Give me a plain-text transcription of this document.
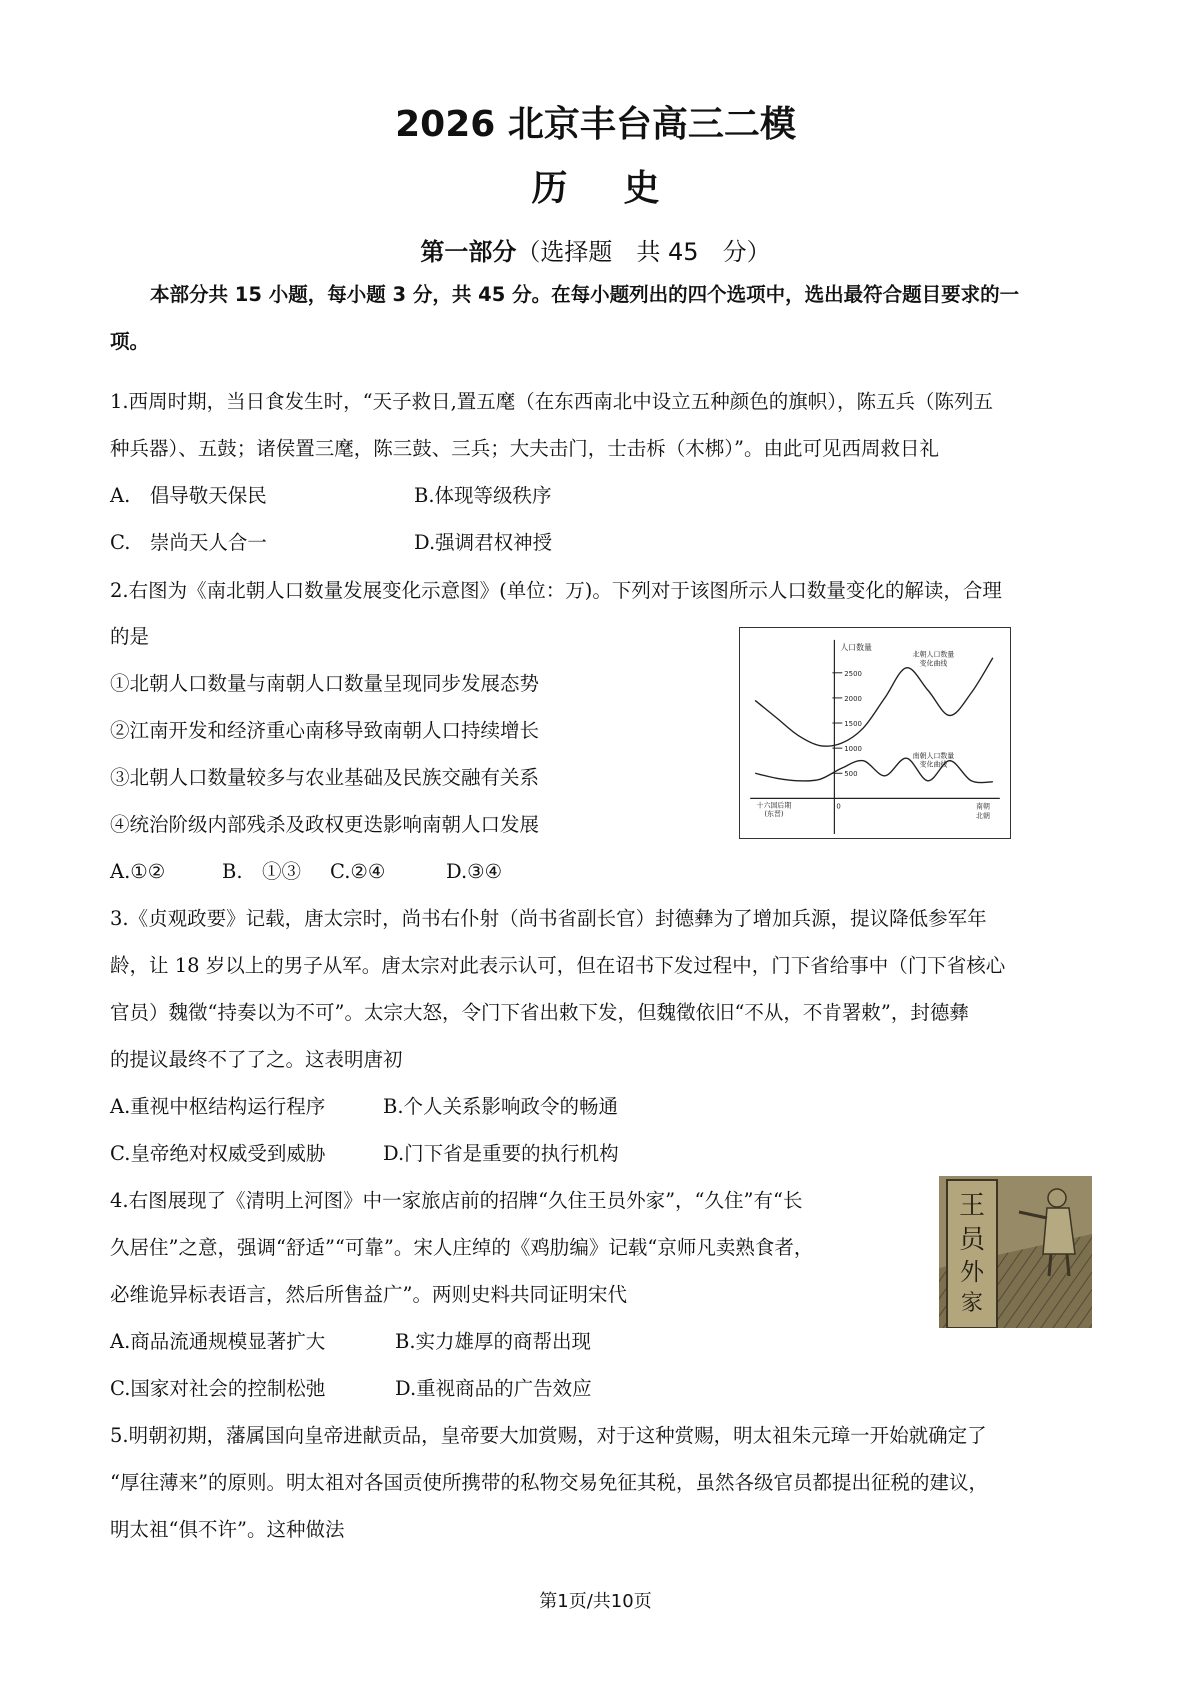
2026 北京丰台高三二模
历史
第一部分（选择题　共 45　分）
本部分共 15 小题，每小题 3 分，共 45 分。在每小题列出的四个选项中，选出最符合题目要求的一
项。
1.西周时期，当日食发生时，“天子救日,置五麾（在东西南北中设立五种颜色的旗帜），陈五兵（陈列五
种兵器）、五鼓；诸侯置三麾，陈三鼓、三兵；大夫击门，士击柝（木梆）”。由此可见西周救日礼
A.　倡导敬天保民	B.体现等级秩序
C.　崇尚天人合一	D.强调君权神授
2.右图为《南北朝人口数量发展变化示意图》(单位：万)。下列对于该图所示人口数量变化的解读，合理
的是
①北朝人口数量与南朝人口数量呈现同步发展态势
②江南开发和经济重心南移导致南朝人口持续增长
③北朝人口数量较多与农业基础及民族交融有关系
④统治阶级内部残杀及政权更迭影响南朝人口发展
A.①②	B.　①③ C.②④	D.③④
人口数量
500
1000
1500
2000
2500
0
十六国后期
(东晋)
南朝
北朝
北朝人口数量
变化曲线
南朝人口数量
变化曲线
3.《贞观政要》记载，唐太宗时，尚书右仆射（尚书省副长官）封德彝为了增加兵源，提议降低参军年
龄，让 18 岁以上的男子从军。唐太宗对此表示认可，但在诏书下发过程中，门下省给事中（门下省核心
官员）魏徵“持奏以为不可”。太宗大怒，令门下省出敕下发，但魏徵依旧“不从，不肯署敕”，封德彝
的提议最终不了了之。这表明唐初
A.重视中枢结构运行程序	B.个人关系影响政令的畅通
C.皇帝绝对权威受到威胁	D.门下省是重要的执行机构
4.右图展现了《清明上河图》中一家旅店前的招牌“久住王员外家”，“久住”有“长
久居住”之意，强调“舒适”“可靠”。宋人庄绰的《鸡肋编》记载“京师凡卖熟食者，
必维诡异标表语言，然后所售益广”。两则史料共同证明宋代
A.商品流通规模显著扩大	B.实力雄厚的商帮出现
C.国家对社会的控制松弛	D.重视商品的广告效应
王
员
外
家
5.明朝初期，藩属国向皇帝进献贡品，皇帝要大加赏赐，对于这种赏赐，明太祖朱元璋一开始就确定了
“厚往薄来”的原则。明太祖对各国贡使所携带的私物交易免征其税，虽然各级官员都提出征税的建议，
明太祖“俱不许”。这种做法
第1页/共10页
